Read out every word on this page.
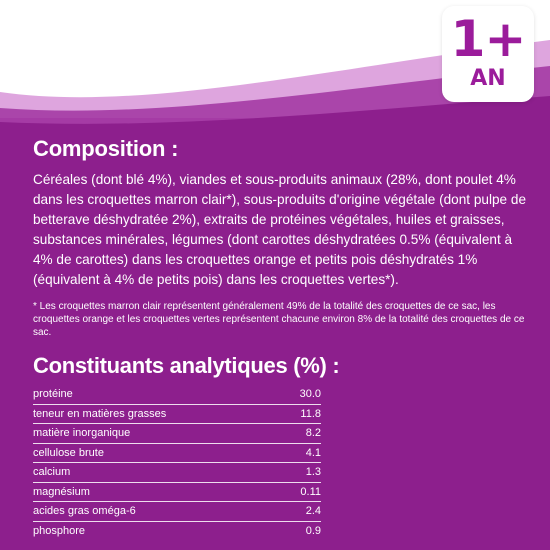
1+
AN
Composition :

Céréales (dont blé 4%), viandes et sous-produits animaux (28%, dont poulet 4% dans les croquettes marron clair*), sous-produits d'origine végétale (dont pulpe de betterave déshydratée 2%), extraits de protéines végétales, huiles et graisses, substances minérales, légumes (dont carottes déshydratées 0.5% (équivalent à 4% de carottes) dans les croquettes orange et petits pois déshydratés 1% (équivalent à 4% de petits pois) dans les croquettes vertes*).

* Les croquettes marron clair représentent généralement 49% de la totalité des croquettes de ce sac, les croquettes orange et les croquettes vertes représentent chacune environ 8% de la totalité des croquettes de ce sac.

Constituants analytiques (%) :
protéine	30.0
teneur en matières grasses	11.8
matière inorganique	8.2
cellulose brute	4.1
calcium	1.3
magnésium	0.11
acides gras oméga-6	2.4
phosphore	0.9
